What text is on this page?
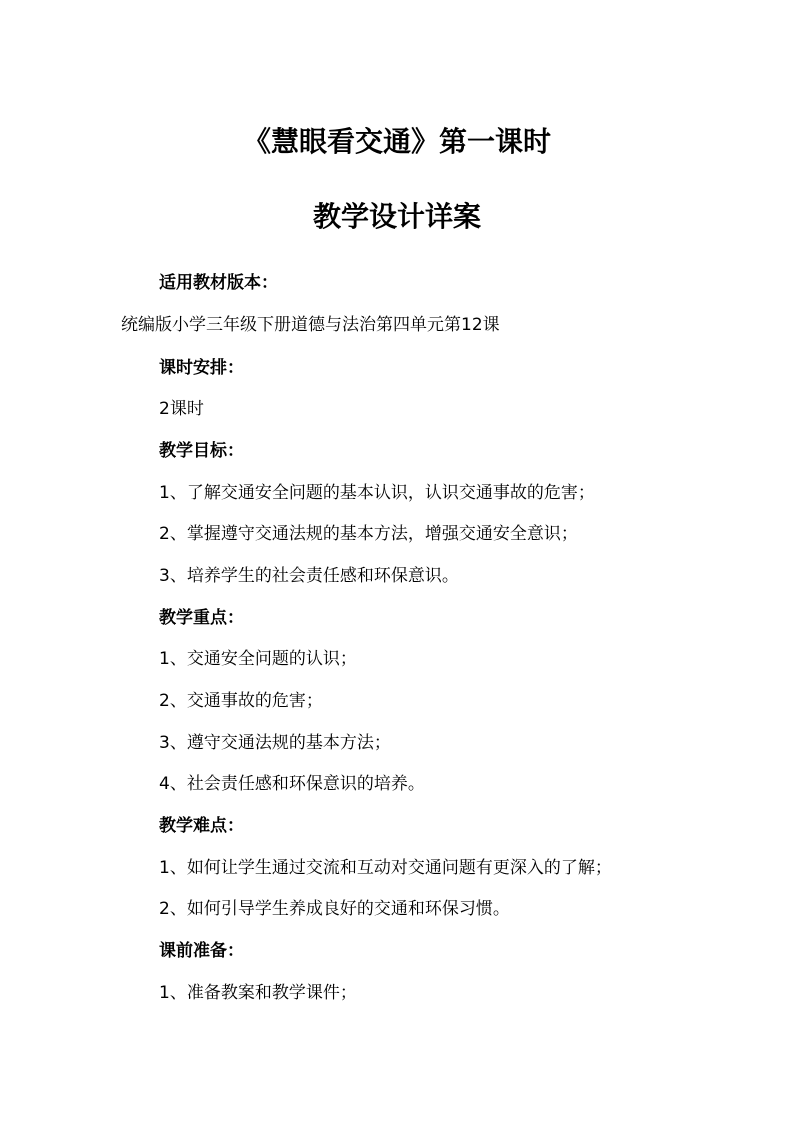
《慧眼看交通》第一课时
教学设计详案
适用教材版本：
统编版小学三年级下册道德与法治第四单元第12课
课时安排：
2课时
教学目标：
1、了解交通安全问题的基本认识，认识交通事故的危害；
2、掌握遵守交通法规的基本方法，增强交通安全意识；
3、培养学生的社会责任感和环保意识。
教学重点：
1、交通安全问题的认识；
2、交通事故的危害；
3、遵守交通法规的基本方法；
4、社会责任感和环保意识的培养。
教学难点：
1、如何让学生通过交流和互动对交通问题有更深入的了解；
2、如何引导学生养成良好的交通和环保习惯。
课前准备：
1、准备教案和教学课件；
